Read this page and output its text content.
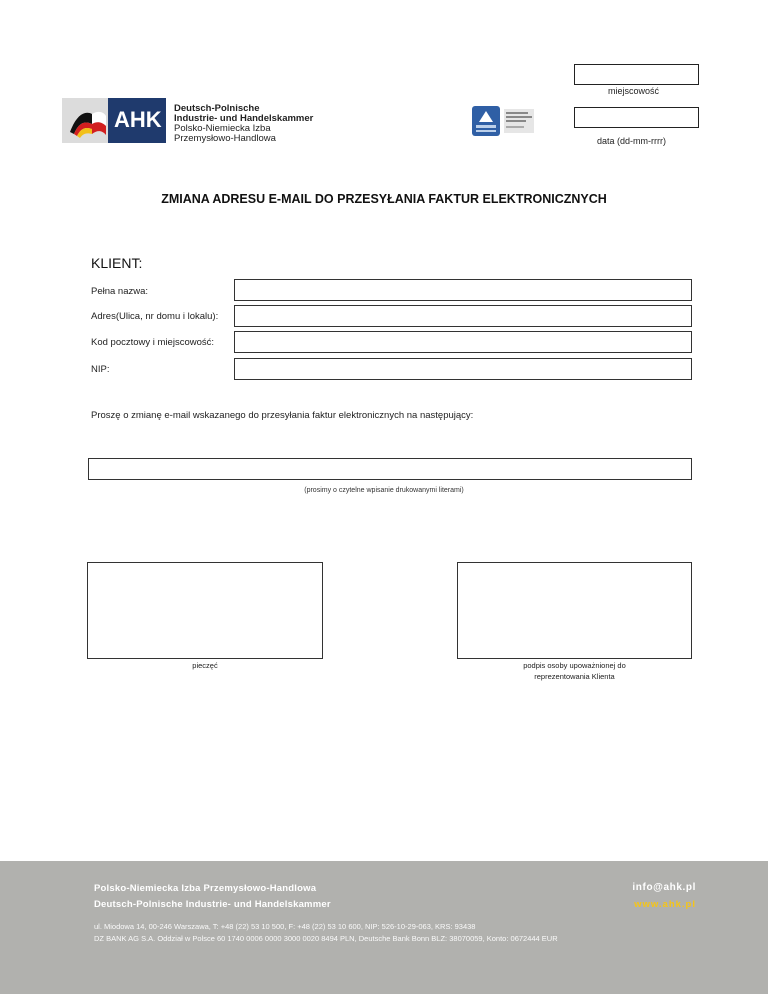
AHK Deutsch-Polnische
Industrie- und Handelskammer
Polsko-Niemiecka Izba
Przemysłowo-Handlowa
miejscowość
data (dd-mm-rrrr)
ZMIANA ADRESU E-MAIL DO PRZESYŁANIA FAKTUR ELEKTRONICZNYCH
KLIENT:
Pełna nazwa:
Adres(Ulica, nr domu i lokalu):
Kod pocztowy i miejscowość:
NIP:
Proszę o zmianę e-mail wskazanego do przesyłania faktur elektronicznych na następujący:
(prosimy o czytelne wpisanie drukowanymi literami)
pieczęć	podpis osoby upoważnionej do
reprezentowania Klienta
Polsko-Niemiecka Izba Przemysłowo-Handlowa
Deutsch-Polnische Industrie- und Handelskammer
ul. Miodowa 14, 00-246 Warszawa, T: +48 (22) 53 10 500, F: +48 (22) 53 10 600, NIP: 526-10-29-063, KRS: 93438
DZ BANK AG S.A. Oddział w Polsce 60 1740 0006 0000 3000 0020 8494 PLN, Deutsche Bank Bonn BLZ: 38070059, Konto: 0672444 EUR
info@ahk.pl
www.ahk.pl
